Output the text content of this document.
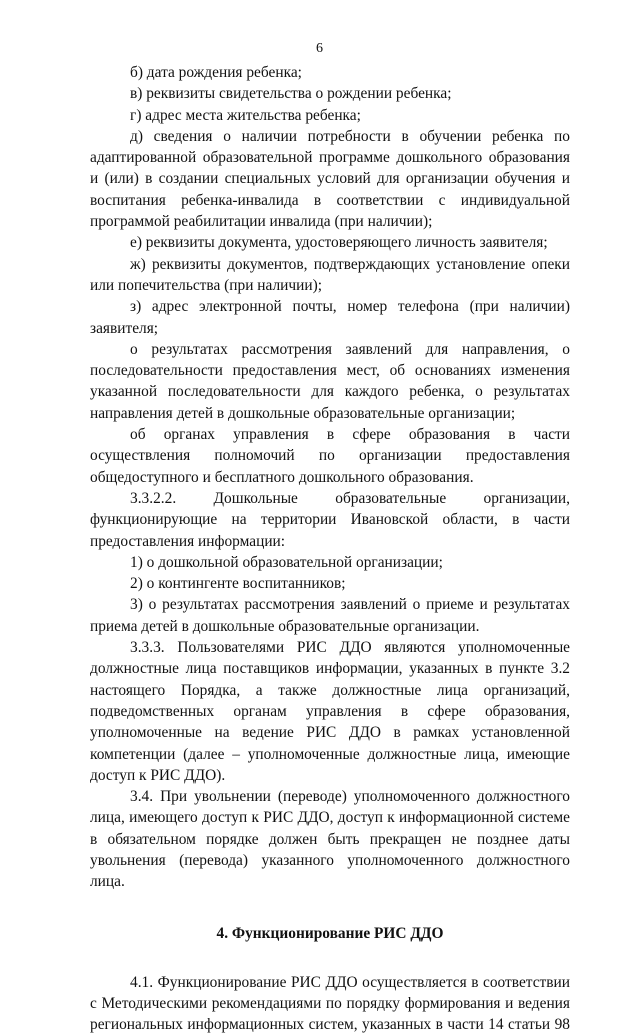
6

б) дата рождения ребенка;

в) реквизиты свидетельства о рождении ребенка;

г) адрес места жительства ребенка;

д) сведения о наличии потребности в обучении ребенка по адаптированной образовательной программе дошкольного образования и (или) в создании специальных условий для организации обучения и воспитания ребенка-инвалида в соответствии с индивидуальной программой реабилитации инвалида (при наличии);

е) реквизиты документа, удостоверяющего личность заявителя;

ж) реквизиты документов, подтверждающих установление опеки или попечительства (при наличии);

з) адрес электронной почты, номер телефона (при наличии) заявителя;

о результатах рассмотрения заявлений для направления, о последовательности предоставления мест, об основаниях изменения указанной последовательности для каждого ребенка, о результатах направления детей в дошкольные образовательные организации;

об органах управления в сфере образования в части осуществления полномочий по организации предоставления общедоступного и бесплатного дошкольного образования.

3.3.2.2. Дошкольные образовательные организации, функционирующие на территории Ивановской области, в части предоставления информации:

1) о дошкольной образовательной организации;

2) о контингенте воспитанников;

3) о результатах рассмотрения заявлений о приеме и результатах приема детей в дошкольные образовательные организации.

3.3.3. Пользователями РИС ДДО являются уполномоченные должностные лица поставщиков информации, указанных в пункте 3.2 настоящего Порядка, а также должностные лица организаций, подведомственных органам управления в сфере образования, уполномоченные на ведение РИС ДДО в рамках установленной компетенции (далее – уполномоченные должностные лица, имеющие доступ к РИС ДДО).

3.4. При увольнении (переводе) уполномоченного должностного лица, имеющего доступ к РИС ДДО, доступ к информационной системе в обязательном порядке должен быть прекращен не позднее даты увольнения (перевода) указанного уполномоченного должностного лица.

4. Функционирование РИС ДДО

4.1. Функционирование РИС ДДО осуществляется в соответствии с Методическими рекомендациями по порядку формирования и ведения региональных информационных систем, указанных в части 14 статьи 98
